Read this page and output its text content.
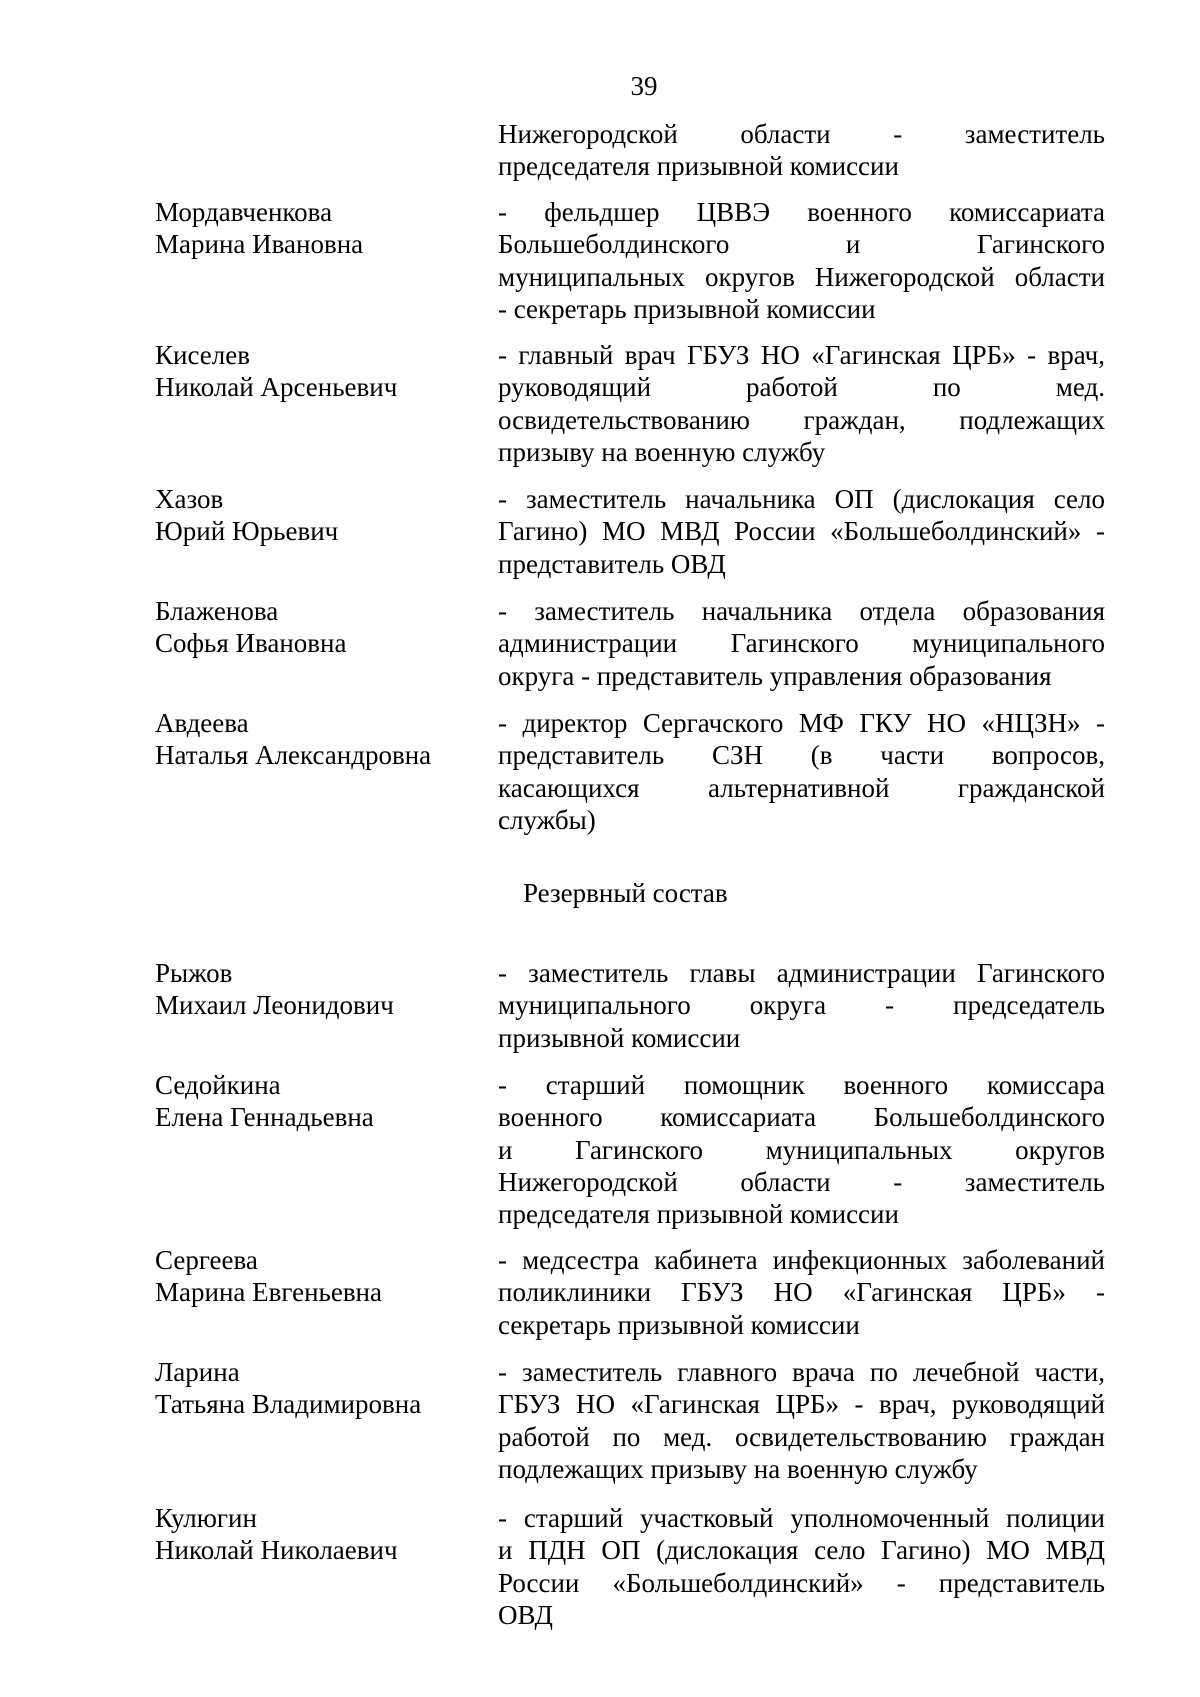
39
Нижегородской области - заместитель
председателя призывной комиссии
Мордавченкова
Марина Ивановна
- фельдшер ЦВВЭ военного комиссариата
Большеболдинского и Гагинского
муниципальных округов Нижегородской области
- секретарь призывной комиссии
Киселев
Николай Арсеньевич
- главный врач ГБУЗ НО «Гагинская ЦРБ» - врач,
руководящий работой по мед.
освидетельствованию граждан, подлежащих
призыву на военную службу
Хазов
Юрий Юрьевич
- заместитель начальника ОП (дислокация село
Гагино) МО МВД России «Большеболдинский» -
представитель ОВД
Блаженова
Софья Ивановна
- заместитель начальника отдела образования
администрации Гагинского муниципального
округа - представитель управления образования
Авдеева
Наталья Александровна
- директор Сергачского МФ ГКУ НО «НЦЗН» -
представитель СЗН (в части вопросов,
касающихся альтернативной гражданской
службы)
Резервный состав
Рыжов
Михаил Леонидович
- заместитель главы администрации Гагинского
муниципального округа - председатель
призывной комиссии
Седойкина
Елена Геннадьевна
- старший помощник военного комиссара
военного комиссариата Большеболдинского
и Гагинского муниципальных округов
Нижегородской области - заместитель
председателя призывной комиссии
Сергеева
Марина Евгеньевна
- медсестра кабинета инфекционных заболеваний
поликлиники ГБУЗ НО «Гагинская ЦРБ» -
секретарь призывной комиссии
Ларина
Татьяна Владимировна
- заместитель главного врача по лечебной части,
ГБУЗ НО «Гагинская ЦРБ» - врач, руководящий
работой по мед. освидетельствованию граждан
подлежащих призыву на военную службу
Кулюгин
Николай Николаевич
- старший участковый уполномоченный полиции
и ПДН ОП (дислокация село Гагино) МО МВД
России «Большеболдинский» - представитель
ОВД
